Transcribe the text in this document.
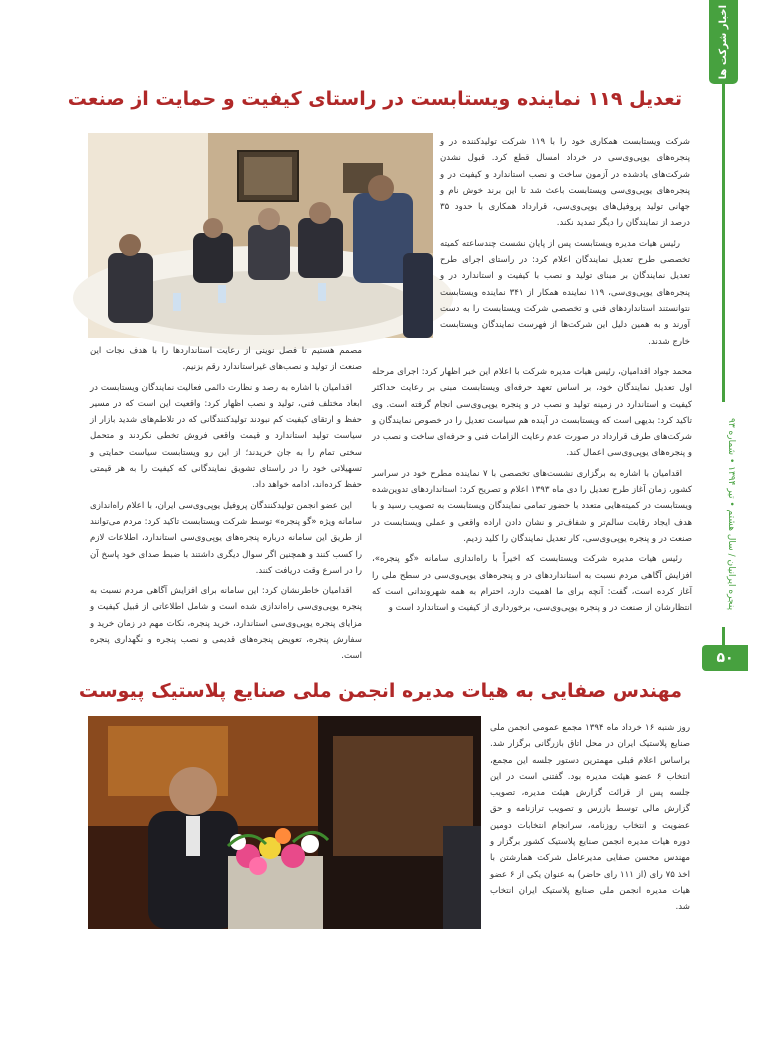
اخبار شرکت ها
پنجره ایرانیان / سال هشتم • تیر ۱۳۹۴ • شماره ۹۳
۵۰
تعدیل ۱۱۹ نماینده ویستابست در راستای کیفیت و حمایت از صنعت

شرکت ویستابست همکاری خود را با ۱۱۹ شرکت تولیدکننده در و پنجره‌های یوپی‌وی‌سی در خرداد امسال قطع کرد. قبول نشدن شرکت‌های یادشده در آزمون ساخت و نصب استاندارد و کیفیت در و پنجره‌های یوپی‌وی‌سی ویستابست باعث شد تا این برند خوش نام و جهانی تولید پروفیل‌های یوپی‌وی‌سی، قرارداد همکاری با حدود ۳۵ درصد از نمایندگان را دیگر تمدید نکند.

رئیس هیات مدیره ویستابست پس از پایان نشست چندساعته کمیته تخصصی طرح تعدیل نمایندگان اعلام کرد: در راستای اجرای طرح تعدیل نمایندگان بر مبنای تولید و نصب با کیفیت و استاندارد در و پنجره‌های یوپی‌وی‌سی، ۱۱۹ نماینده همکار از ۳۴۱ نماینده ویستابست نتوانستند استانداردهای فنی و تخصصی شرکت ویستابست را به دست آورند و به همین دلیل این شرکت‌ها از فهرست نمایندگان ویستابست خارج شدند.

محمد جواد اقدامیان، رئیس هیات مدیره شرکت با اعلام این خبر اظهار کرد: اجرای مرحله اول تعدیل نمایندگان خود، بر اساس تعهد حرفه‌ای ویستابست مبنی بر رعایت حداکثر کیفیت و استاندارد در زمینه تولید و نصب در و پنجره یوپی‌وی‌سی انجام گرفته است. وی تاکید کرد: بدیهی است که ویستابست در آینده هم سیاست تعدیل را در خصوص نمایندگان و شرکت‌های طرف قرارداد در صورت عدم رعایت الزامات فنی و حرفه‌ای ساخت و نصب در و پنجره‌های یوپی‌وی‌سی اعمال کند.

اقدامیان با اشاره به برگزاری نشست‌های تخصصی با ۷ نماینده مطرح خود در سراسر کشور، زمان آغاز طرح تعدیل را دی ماه ۱۳۹۳ اعلام و تصریح کرد: استانداردهای تدوین‌شده ویستابست در کمیته‌هایی متعدد با حضور تمامی نمایندگان ویستابست به تصویب رسید و با هدف ایجاد رقابت سالم‌تر و شفاف‌تر و نشان دادن اراده واقعی و عملی ویستابست در صنعت در و پنجره یوپی‌وی‌سی، کار تعدیل نمایندگان را کلید زدیم.

رئیس هیات مدیره شرکت ویستابست که اخیراً با راه‌اندازی سامانه «گو پنجره»، افزایش آگاهی مردم نسبت به استانداردهای در و پنجره‌های یوپی‌وی‌سی در سطح ملی را آغاز کرده است، گفت: آنچه برای ما اهمیت دارد، احترام به همه شهروندانی است که انتظارشان از صنعت در و پنجره یوپی‌وی‌سی، برخورداری از کیفیت و استاندارد است و

مصمم هستیم تا فصل نوینی از رعایت استانداردها را با هدف نجات این صنعت از تولید و نصب‌های غیراستاندارد رقم بزنیم.

اقدامیان با اشاره به رصد و نظارت دائمی فعالیت نمایندگان ویستابست در ابعاد مختلف فنی، تولید و نصب اظهار کرد: واقعیت این است که در مسیر حفظ و ارتقای کیفیت کم نبودند تولیدکنندگانی که در تلاطم‌های شدید بازار از سیاست تولید استاندارد و قیمت واقعی فروش تخطی نکردند و متحمل سختی تمام را به جان خریدند؛ از این رو ویستابست سیاست حمایتی و تسهیلاتی خود را در راستای تشویق نمایندگانی که کیفیت را به هر قیمتی حفظ کرده‌اند، ادامه خواهد داد.

این عضو انجمن تولیدکنندگان پروفیل یوپی‌وی‌سی ایران، با اعلام راه‌اندازی سامانه ویژه «گو پنجره» توسط شرکت ویستابست تاکید کرد: مردم می‌توانند از طریق این سامانه درباره پنجره‌های یوپی‌وی‌سی استاندارد، اطلاعات لازم را کسب کنند و همچنین اگر سوال دیگری داشتند با ضبط صدای خود پاسخ آن را در اسرع وقت دریافت کنند.

اقدامیان خاطرنشان کرد: این سامانه برای افزایش آگاهی مردم نسبت به پنجره یوپی‌وی‌سی راه‌اندازی شده است و شامل اطلاعاتی از قبیل کیفیت و مزایای پنجره یوپی‌وی‌سی استاندارد، خرید پنجره، نکات مهم در زمان خرید و سفارش پنجره، تعویض پنجره‌های قدیمی و نصب پنجره و نگهداری پنجره است.

مهندس صفایی به هیات مدیره انجمن ملی صنایع پلاستیک پیوست

روز شنبه ۱۶ خرداد ماه ۱۳۹۴ مجمع عمومی انجمن ملی صنایع پلاستیک ایران در محل اتاق بازرگانی برگزار شد. براساس اعلام قبلی مهمترین دستور جلسه این مجمع، انتخاب ۶ عضو هیئت مدیره بود. گفتنی است در این جلسه پس از قرائت گزارش هیئت مدیره، تصویب گزارش مالی توسط بازرس و تصویب ترازنامه و حق عضویت و انتخاب روزنامه، سرانجام انتخابات دومین دوره هیات مدیره انجمن صنایع پلاستیک کشور برگزار و مهندس محسن صفایی مدیرعامل شرکت همارشتن با اخذ ۷۵ رای (از ۱۱۱ رای حاضر) به عنوان یکی از ۶ عضو هیات مدیره انجمن ملی صنایع پلاستیک ایران انتخاب شد.
